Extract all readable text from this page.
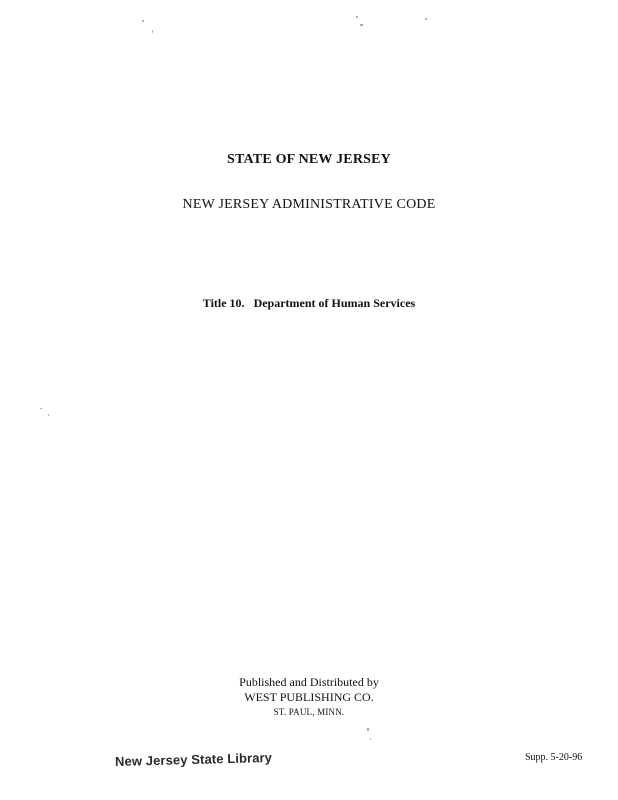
STATE OF NEW JERSEY
NEW JERSEY ADMINISTRATIVE CODE
Title 10. Department of Human Services
Published and Distributed by
WEST PUBLISHING CO.
ST. PAUL, MINN.
New Jersey State Library	Supp. 5-20-96
